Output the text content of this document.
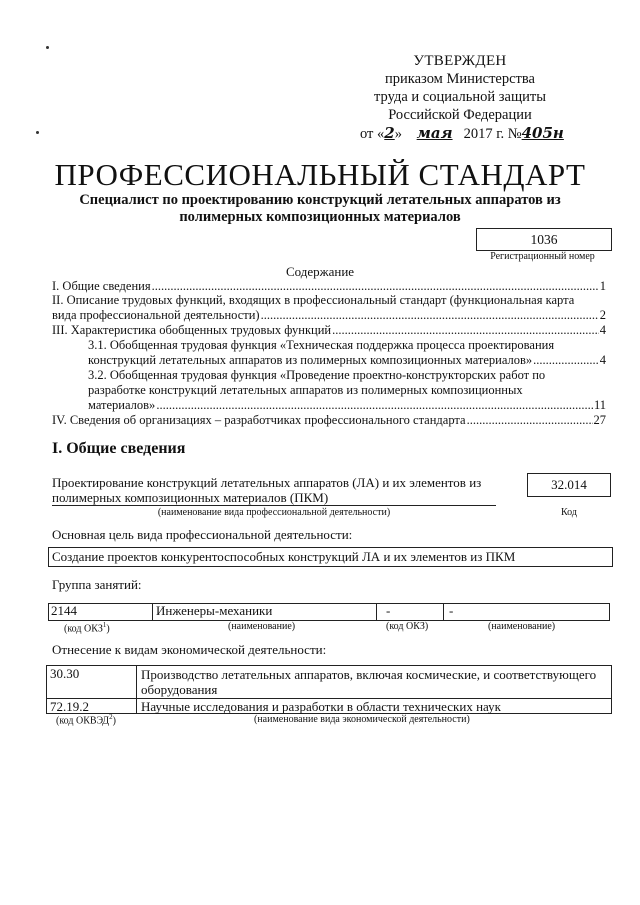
УТВЕРЖДЕН
приказом Министерства
труда и социальной защиты
Российской Федерации
от «2» мая 2017 г. №405н
ПРОФЕССИОНАЛЬНЫЙ СТАНДАРТ
Специалист по проектированию конструкций летательных аппаратов из
полимерных композиционных материалов
1036
Регистрационный номер
Содержание
I. Общие сведения .....	1
II. Описание трудовых функций, входящих в профессиональный стандарт (функциональная карта
вида профессиональной деятельности) .....	2
III. Характеристика обобщенных трудовых функций .....	4
3.1. Обобщенная трудовая функция «Техническая поддержка процесса проектирования
конструкций летательных аппаратов из полимерных композиционных материалов» .....	4
3.2. Обобщенная трудовая функция «Проведение проектно-конструкторских работ по
разработке конструкций летательных аппаратов из полимерных композиционных
материалов» .....	11
IV. Сведения об организациях – разработчиках профессионального стандарта .....	27
I. Общие сведения
Проектирование конструкций летательных аппаратов (ЛА) и их элементов из
полимерных композиционных материалов (ПКМ)
(наименование вида профессиональной деятельности)
32.014
Код
Основная цель вида профессиональной деятельности:
Создание проектов конкурентоспособных конструкций ЛА и их элементов из ПКМ
Группа занятий:
2144	Инженеры-механики	-	-
(код ОКЗ$^1$)	(наименование)	(код ОКЗ)	(наименование)
Отнесение к видам экономической деятельности:
30.30	Производство летательных аппаратов, включая космические, и соответствующего
оборудования
72.19.2	Научные исследования и разработки в области технических наук
(код ОКВЭД$^2$)	(наименование вида экономической деятельности)
